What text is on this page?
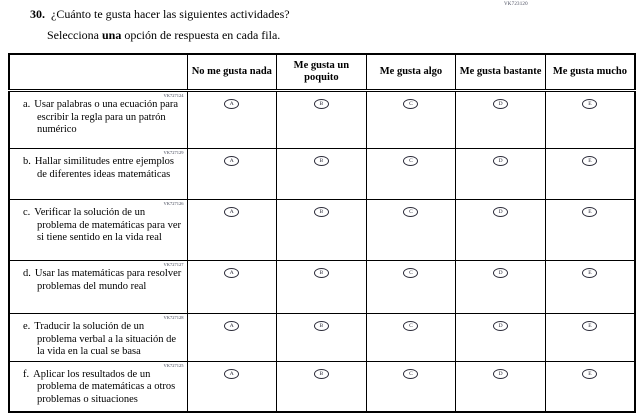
VK723120
30. ¿Cuánto te gusta hacer las siguientes actividades?
Selecciona una opción de respuesta en cada fila.
	No me gusta nada	Me gusta un poquito	Me gusta algo	Me gusta bastante	Me gusta mucho

VK727124
a. Usar palabras o una ecuación para escribir la regla para un patrón numérico	A	B	C	D	E

VK727129
b. Hallar similitudes entre ejemplos de diferentes ideas matemáticas	A	B	C	D	E

VK727126
c. Verificar la solución de un problema de matemáticas para ver si tiene sentido en la vida real	A	B	C	D	E

VK727127
d. Usar las matemáticas para resolver problemas del mundo real	A	B	C	D	E

VK727128
e. Traducir la solución de un problema verbal a la situación de la vida en la cual se basa	A	B	C	D	E

VK727125
f. Aplicar los resultados de un problema de matemáticas a otros problemas o situaciones	A	B	C	D	E
